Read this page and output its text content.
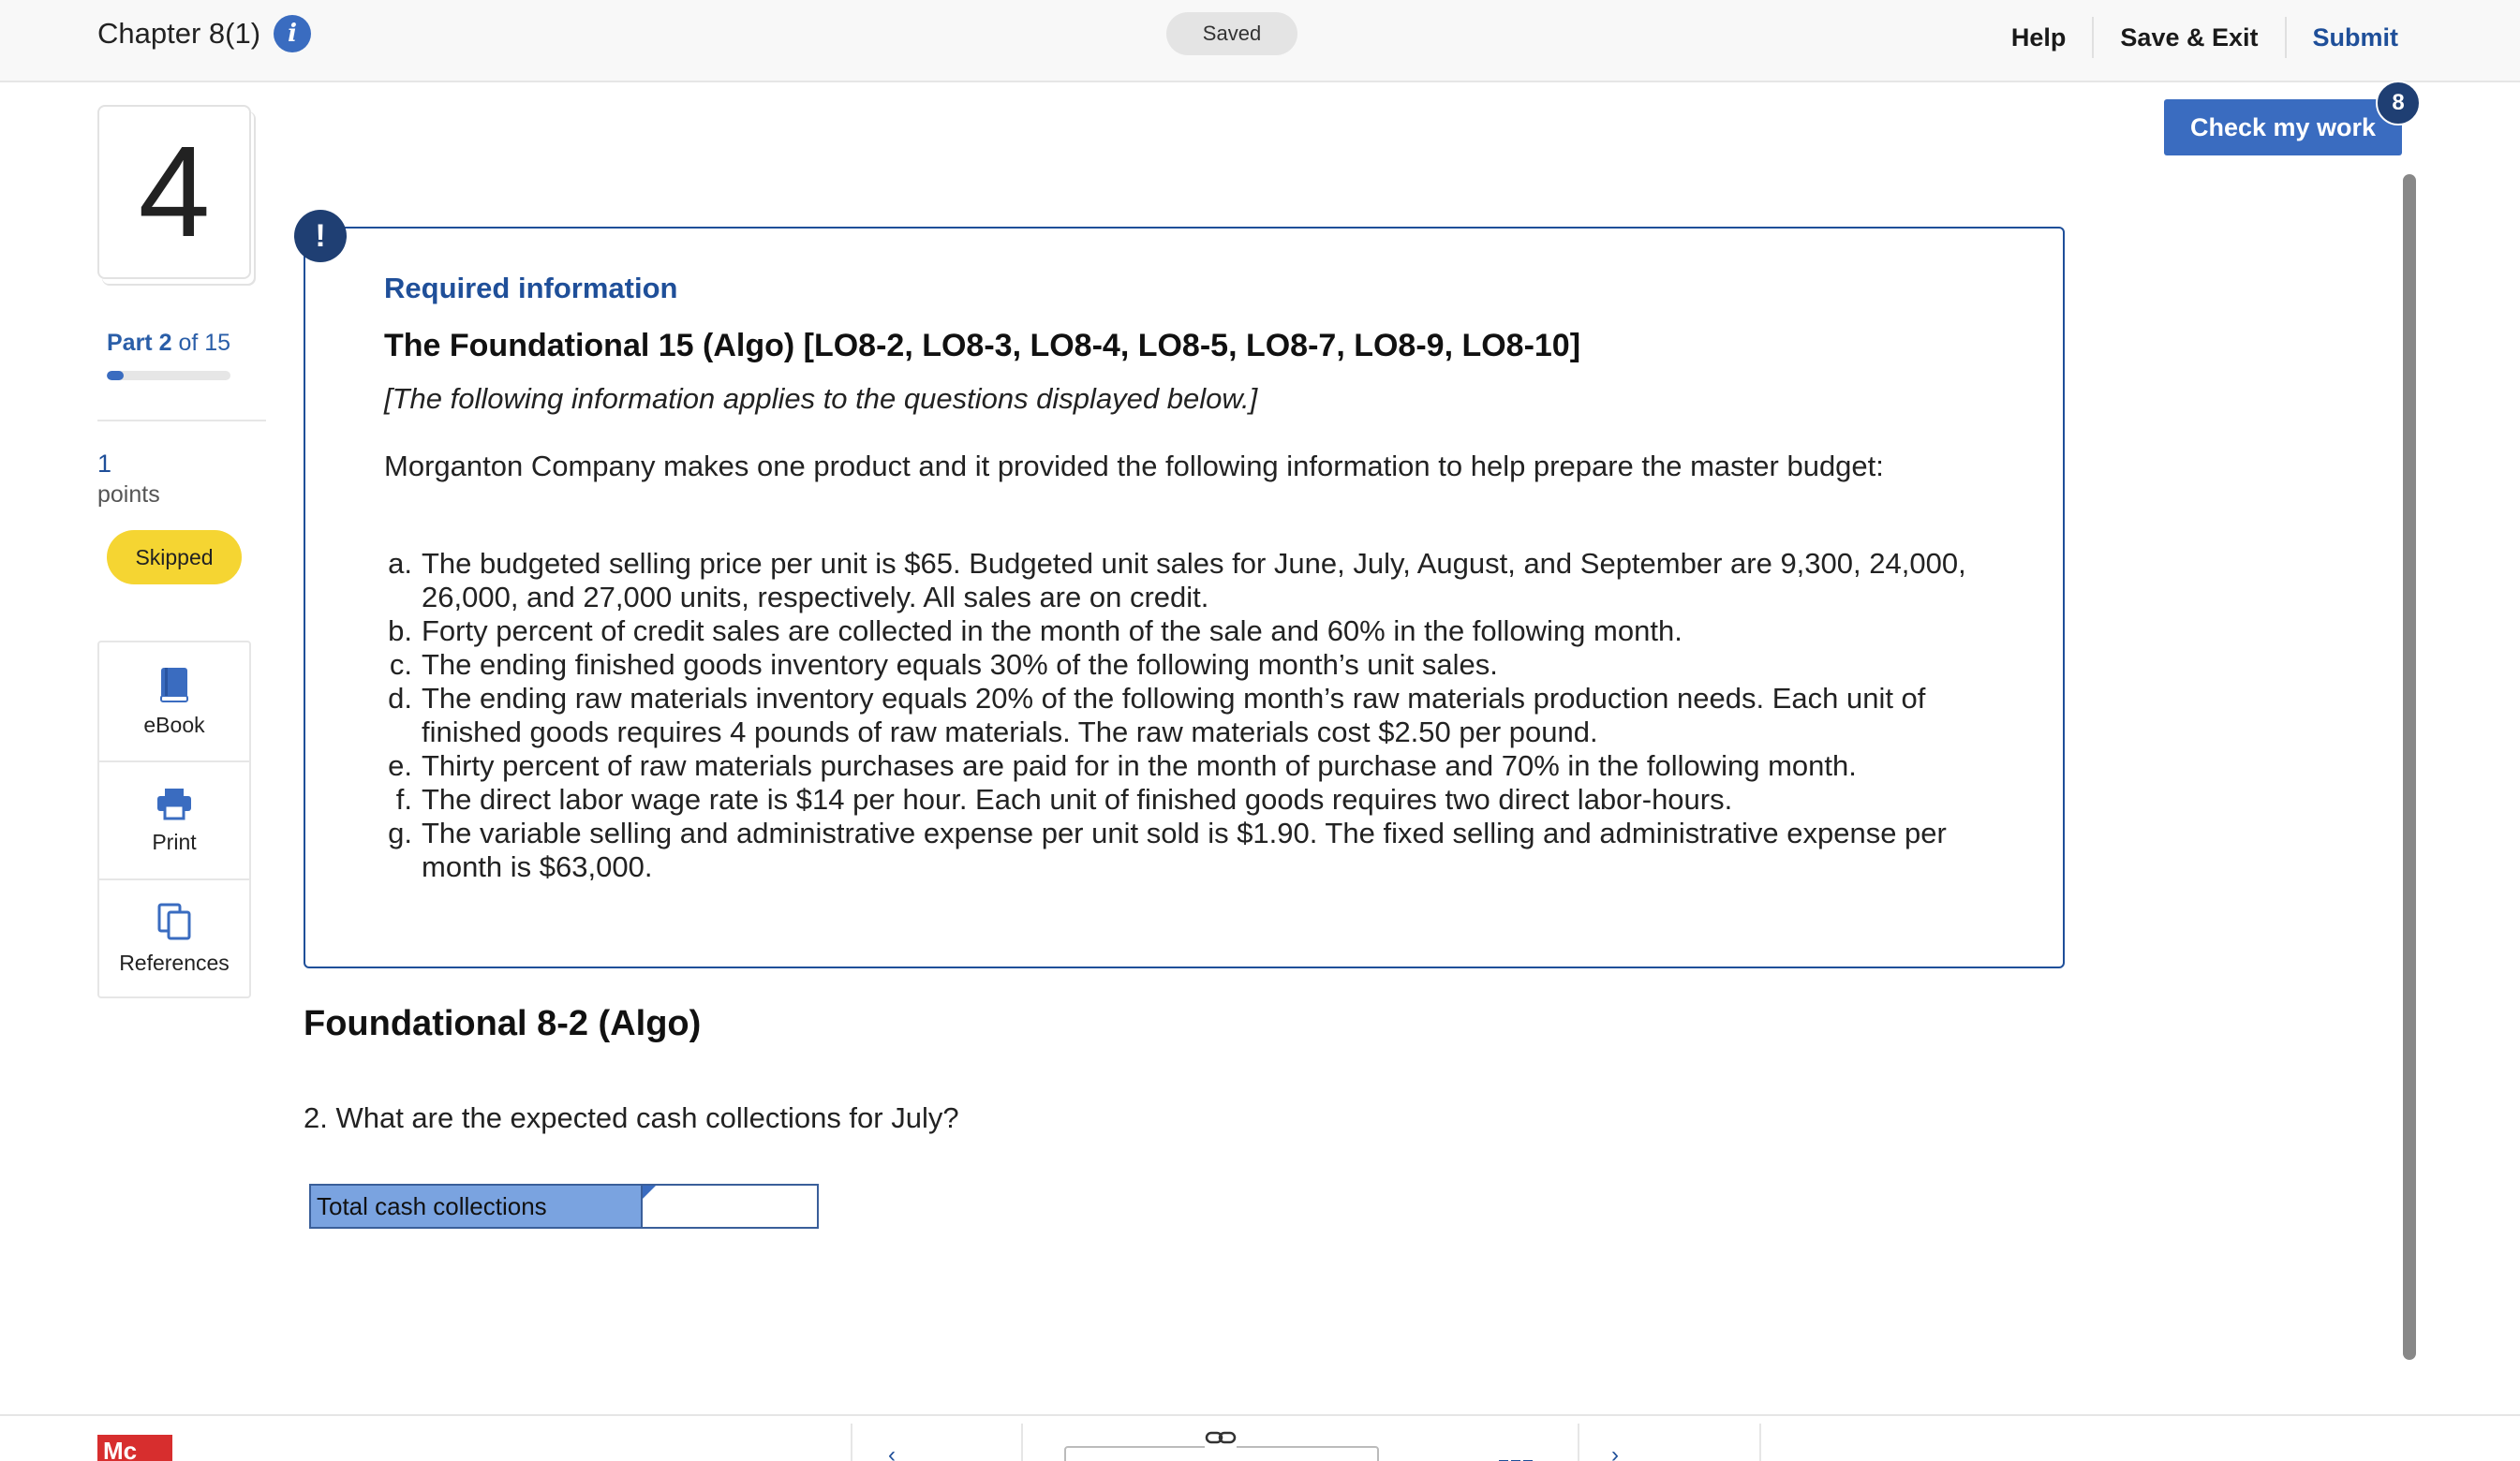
Chapter 8(1)	i	Saved	Help	Save & Exit	Submit
4
Part 2 of 15
1
points
Skipped
eBook
Print
References
Check my work
8
!
Required information
The Foundational 15 (Algo) [LO8-2, LO8-3, LO8-4, LO8-5, LO8-7, LO8-9, LO8-10]
[The following information applies to the questions displayed below.]
Morganton Company makes one product and it provided the following information to help prepare the master budget:
a. The budgeted selling price per unit is $65. Budgeted unit sales for June, July, August, and September are 9,300, 24,000, 26,000, and 27,000 units, respectively. All sales are on credit.
b. Forty percent of credit sales are collected in the month of the sale and 60% in the following month.
c. The ending finished goods inventory equals 30% of the following month’s unit sales.
d. The ending raw materials inventory equals 20% of the following month’s raw materials production needs. Each unit of finished goods requires 4 pounds of raw materials. The raw materials cost $2.50 per pound.
e. Thirty percent of raw materials purchases are paid for in the month of purchase and 70% in the following month.
f. The direct labor wage rate is $14 per hour. Each unit of finished goods requires two direct labor-hours.
g. The variable selling and administrative expense per unit sold is $1.90. The fixed selling and administrative expense per month is $63,000.
Foundational 8-2 (Algo)
2. What are the expected cash collections for July?
Total cash collections
Mc	‹	›
